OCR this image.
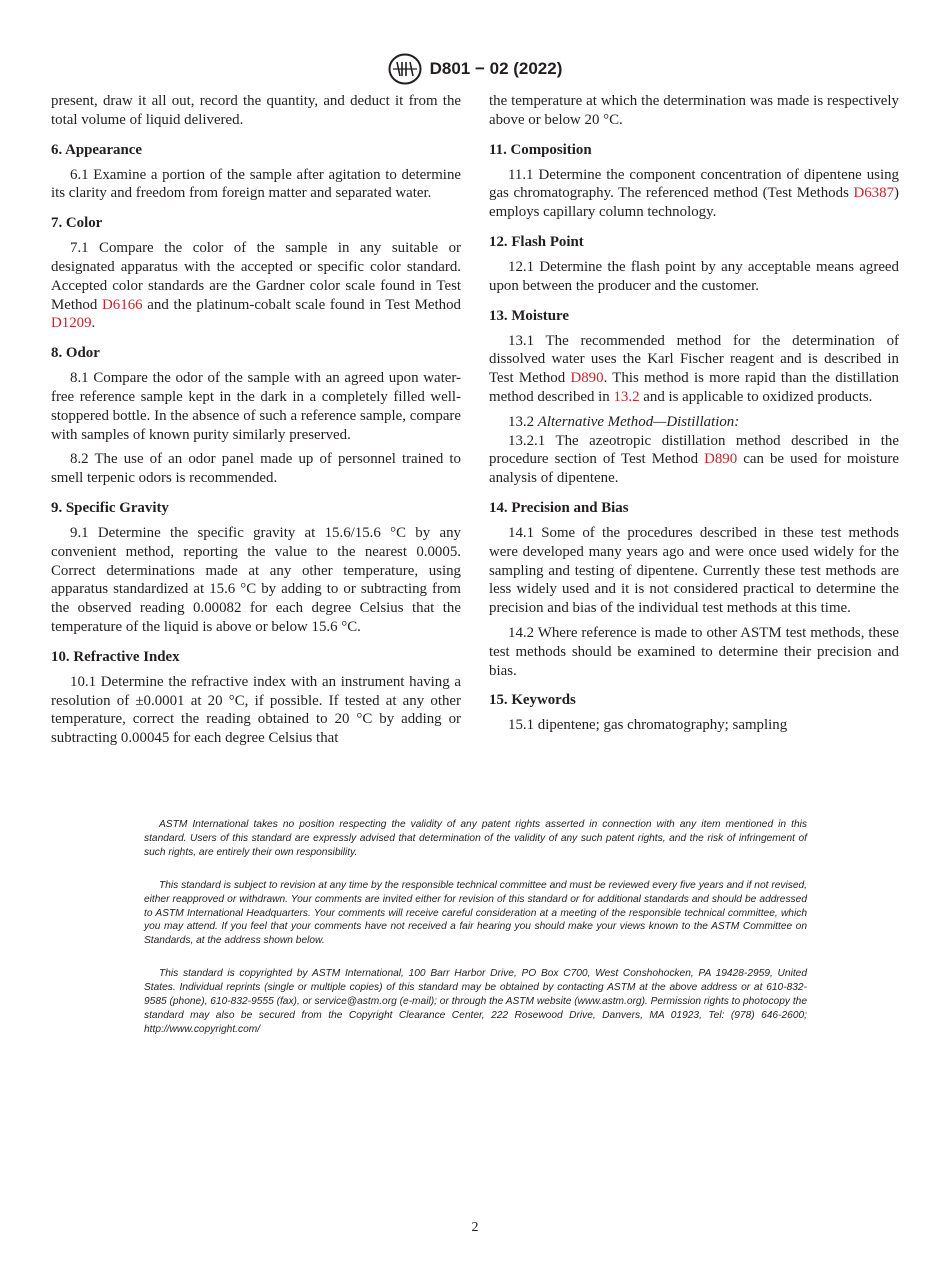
D801 − 02 (2022)

present, draw it all out, record the quantity, and deduct it from the total volume of liquid delivered.

6. Appearance

6.1 Examine a portion of the sample after agitation to determine its clarity and freedom from foreign matter and separated water.

7. Color

7.1 Compare the color of the sample in any suitable or designated apparatus with the accepted or specific color standard. Accepted color standards are the Gardner color scale found in Test Method D6166 and the platinum-cobalt scale found in Test Method D1209.

8. Odor

8.1 Compare the odor of the sample with an agreed upon water-free reference sample kept in the dark in a completely filled well-stoppered bottle. In the absence of such a reference sample, compare with samples of known purity similarly preserved.

8.2 The use of an odor panel made up of personnel trained to smell terpenic odors is recommended.

9. Specific Gravity

9.1 Determine the specific gravity at 15.6/15.6 °C by any convenient method, reporting the value to the nearest 0.0005. Correct determinations made at any other temperature, using apparatus standardized at 15.6 °C by adding to or subtracting from the observed reading 0.00082 for each degree Celsius that the temperature of the liquid is above or below 15.6 °C.

10. Refractive Index

10.1 Determine the refractive index with an instrument having a resolution of ±0.0001 at 20 °C, if possible. If tested at any other temperature, correct the reading obtained to 20 °C by adding or subtracting 0.00045 for each degree Celsius that

the temperature at which the determination was made is respectively above or below 20 °C.

11. Composition

11.1 Determine the component concentration of dipentene using gas chromatography. The referenced method (Test Methods D6387) employs capillary column technology.

12. Flash Point

12.1 Determine the flash point by any acceptable means agreed upon between the producer and the customer.

13. Moisture

13.1 The recommended method for the determination of dissolved water uses the Karl Fischer reagent and is described in Test Method D890. This method is more rapid than the distillation method described in 13.2 and is applicable to oxidized products.

13.2 Alternative Method—Distillation:

13.2.1 The azeotropic distillation method described in the procedure section of Test Method D890 can be used for moisture analysis of dipentene.

14. Precision and Bias

14.1 Some of the procedures described in these test methods were developed many years ago and were once used widely for the sampling and testing of dipentene. Currently these test methods are less widely used and it is not considered practical to determine the precision and bias of the individual test methods at this time.

14.2 Where reference is made to other ASTM test methods, these test methods should be examined to determine their precision and bias.

15. Keywords

15.1 dipentene; gas chromatography; sampling

ASTM International takes no position respecting the validity of any patent rights asserted in connection with any item mentioned in this standard. Users of this standard are expressly advised that determination of the validity of any such patent rights, and the risk of infringement of such rights, are entirely their own responsibility.

This standard is subject to revision at any time by the responsible technical committee and must be reviewed every five years and if not revised, either reapproved or withdrawn. Your comments are invited either for revision of this standard or for additional standards and should be addressed to ASTM International Headquarters. Your comments will receive careful consideration at a meeting of the responsible technical committee, which you may attend. If you feel that your comments have not received a fair hearing you should make your views known to the ASTM Committee on Standards, at the address shown below.

This standard is copyrighted by ASTM International, 100 Barr Harbor Drive, PO Box C700, West Conshohocken, PA 19428-2959, United States. Individual reprints (single or multiple copies) of this standard may be obtained by contacting ASTM at the above address or at 610-832-9585 (phone), 610-832-9555 (fax), or service@astm.org (e-mail); or through the ASTM website (www.astm.org). Permission rights to photocopy the standard may also be secured from the Copyright Clearance Center, 222 Rosewood Drive, Danvers, MA 01923, Tel: (978) 646-2600; http://www.copyright.com/

2
